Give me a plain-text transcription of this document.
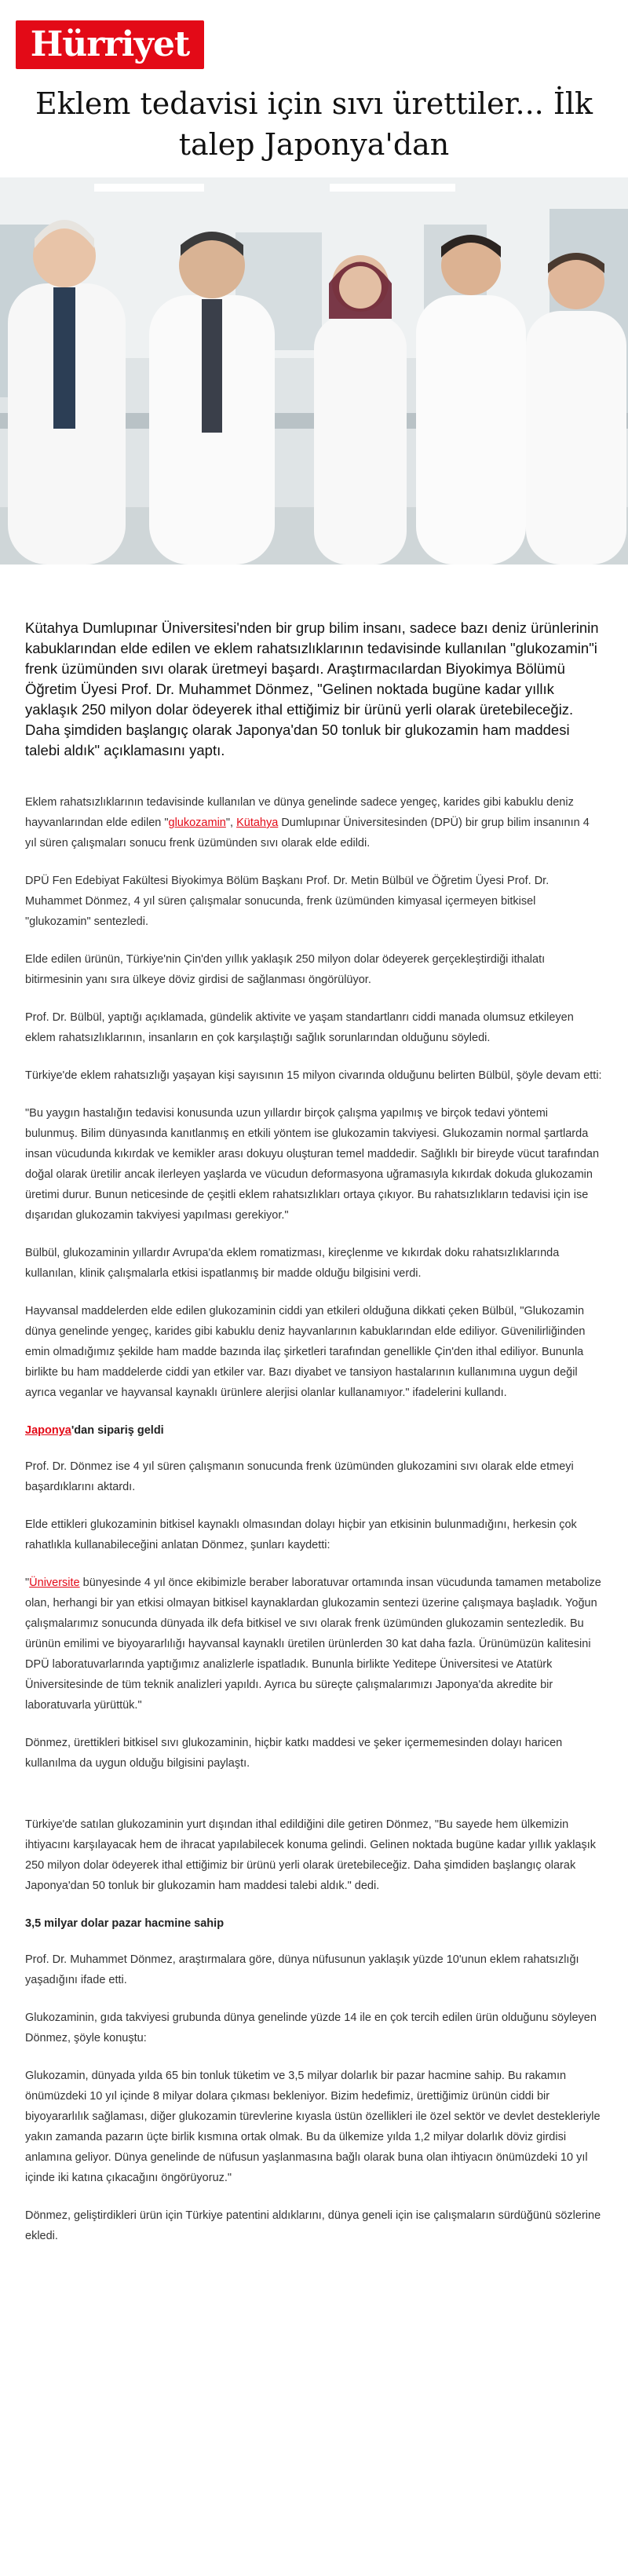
Hürriyet
Eklem tedavisi için sıvı ürettiler... İlk talep Japonya'dan

Kütahya Dumlupınar Üniversitesi'nden bir grup bilim insanı, sadece bazı deniz ürünlerinin kabuklarından elde edilen ve eklem rahatsızlıklarının tedavisinde kullanılan "glukozamin"i frenk üzümünden sıvı olarak üretmeyi başardı. Araştırmacılardan Biyokimya Bölümü Öğretim Üyesi Prof. Dr. Muhammet Dönmez, "Gelinen noktada bugüne kadar yıllık yaklaşık 250 milyon dolar ödeyerek ithal ettiğimiz bir ürünü yerli olarak üretebileceğiz. Daha şimdiden başlangıç olarak Japonya'dan 50 tonluk bir glukozamin ham maddesi talebi aldık" açıklamasını yaptı.

Eklem rahatsızlıklarının tedavisinde kullanılan ve dünya genelinde sadece yengeç, karides gibi kabuklu deniz hayvanlarından elde edilen "glukozamin", Kütahya Dumlupınar Üniversitesinden (DPÜ) bir grup bilim insanının 4 yıl süren çalışmaları sonucu frenk üzümünden sıvı olarak elde edildi.

DPÜ Fen Edebiyat Fakültesi Biyokimya Bölüm Başkanı Prof. Dr. Metin Bülbül ve Öğretim Üyesi Prof. Dr. Muhammet Dönmez, 4 yıl süren çalışmalar sonucunda, frenk üzümünden kimyasal içermeyen bitkisel "glukozamin" sentezledi.

Elde edilen ürünün, Türkiye'nin Çin'den yıllık yaklaşık 250 milyon dolar ödeyerek gerçekleştirdiği ithalatı bitirmesinin yanı sıra ülkeye döviz girdisi de sağlanması öngörülüyor.

Prof. Dr. Bülbül, yaptığı açıklamada, gündelik aktivite ve yaşam standartlanrı ciddi manada olumsuz etkileyen eklem rahatsızlıklarının, insanların en çok karşılaştığı sağlık sorunlarından olduğunu söyledi.

Türkiye'de eklem rahatsızlığı yaşayan kişi sayısının 15 milyon civarında olduğunu belirten Bülbül, şöyle devam etti:

"Bu yaygın hastalığın tedavisi konusunda uzun yıllardır birçok çalışma yapılmış ve birçok tedavi yöntemi bulunmuş. Bilim dünyasında kanıtlanmış en etkili yöntem ise glukozamin takviyesi. Glukozamin normal şartlarda insan vücudunda kıkırdak ve kemikler arası dokuyu oluşturan temel maddedir. Sağlıklı bir bireyde vücut tarafından doğal olarak üretilir ancak ilerleyen yaşlarda ve vücudun deformasyona uğramasıyla kıkırdak dokuda glukozamin üretimi durur. Bunun neticesinde de çeşitli eklem rahatsızlıkları ortaya çıkıyor. Bu rahatsızlıkların tedavisi için ise dışarıdan glukozamin takviyesi yapılması gerekiyor."

Bülbül, glukozaminin yıllardır Avrupa'da eklem romatizması, kireçlenme ve kıkırdak doku rahatsızlıklarında kullanılan, klinik çalışmalarla etkisi ispatlanmış bir madde olduğu bilgisini verdi.

Hayvansal maddelerden elde edilen glukozaminin ciddi yan etkileri olduğuna dikkati çeken Bülbül, "Glukozamin dünya genelinde yengeç, karides gibi kabuklu deniz hayvanlarının kabuklarından elde ediliyor. Güvenilirliğinden emin olmadığımız şekilde ham madde bazında ilaç şirketleri tarafından genellikle Çin'den ithal ediliyor. Bununla birlikte bu ham maddelerde ciddi yan etkiler var. Bazı diyabet ve tansiyon hastalarının kullanımına uygun değil ayrıca veganlar ve hayvansal kaynaklı ürünlere alerjisi olanlar kullanamıyor." ifadelerini kullandı.

Japonya'dan sipariş geldi

Prof. Dr. Dönmez ise 4 yıl süren çalışmanın sonucunda frenk üzümünden glukozamini sıvı olarak elde etmeyi başardıklarını aktardı.

Elde ettikleri glukozaminin bitkisel kaynaklı olmasından dolayı hiçbir yan etkisinin bulunmadığını, herkesin çok rahatlıkla kullanabileceğini anlatan Dönmez, şunları kaydetti:

"Üniversite bünyesinde 4 yıl önce ekibimizle beraber laboratuvar ortamında insan vücudunda tamamen metabolize olan, herhangi bir yan etkisi olmayan bitkisel kaynaklardan glukozamin sentezi üzerine çalışmaya başladık. Yoğun çalışmalarımız sonucunda dünyada ilk defa bitkisel ve sıvı olarak frenk üzümünden glukozamin sentezledik. Bu ürünün emilimi ve biyoyararlılığı hayvansal kaynaklı üretilen ürünlerden 30 kat daha fazla. Ürünümüzün kalitesini DPÜ laboratuvarlarında yaptığımız analizlerle ispatladık. Bununla birlikte Yeditepe Üniversitesi ve Atatürk Üniversitesinde de tüm teknik analizleri yapıldı. Ayrıca bu süreçte çalışmalarımızı Japonya'da akredite bir laboratuvarla yürüttük."

Dönmez, ürettikleri bitkisel sıvı glukozaminin, hiçbir katkı maddesi ve şeker içermemesinden dolayı haricen kullanılma da uygun olduğu bilgisini paylaştı.

Türkiye'de satılan glukozaminin yurt dışından ithal edildiğini dile getiren Dönmez, "Bu sayede hem ülkemizin ihtiyacını karşılayacak hem de ihracat yapılabilecek konuma gelindi. Gelinen noktada bugüne kadar yıllık yaklaşık 250 milyon dolar ödeyerek ithal ettiğimiz bir ürünü yerli olarak üretebileceğiz. Daha şimdiden başlangıç olarak Japonya'dan 50 tonluk bir glukozamin ham maddesi talebi aldık." dedi.

3,5 milyar dolar pazar hacmine sahip

Prof. Dr. Muhammet Dönmez, araştırmalara göre, dünya nüfusunun yaklaşık yüzde 10'unun eklem rahatsızlığı yaşadığını ifade etti.

Glukozaminin, gıda takviyesi grubunda dünya genelinde yüzde 14 ile en çok tercih edilen ürün olduğunu söyleyen Dönmez, şöyle konuştu:

Glukozamin, dünyada yılda 65 bin tonluk tüketim ve 3,5 milyar dolarlık bir pazar hacmine sahip. Bu rakamın önümüzdeki 10 yıl içinde 8 milyar dolara çıkması bekleniyor. Bizim hedefimiz, ürettiğimiz ürünün ciddi bir biyoyararlılık sağlaması, diğer glukozamin türevlerine kıyasla üstün özellikleri ile özel sektör ve devlet destekleriyle yakın zamanda pazarın üçte birlik kısmına ortak olmak. Bu da ülkemize yılda 1,2 milyar dolarlık döviz girdisi anlamına geliyor. Dünya genelinde de nüfusun yaşlanmasına bağlı olarak buna olan ihtiyacın önümüzdeki 10 yıl içinde iki katına çıkacağını öngörüyoruz."

Dönmez, geliştirdikleri ürün için Türkiye patentini aldıklarını, dünya geneli için ise çalışmaların sürdüğünü sözlerine ekledi.
